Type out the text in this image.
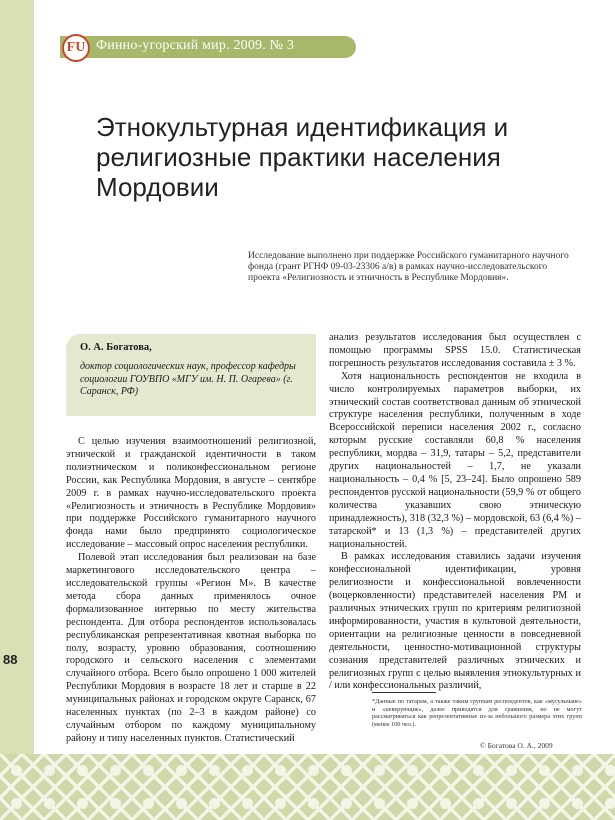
88
FU Финно-угорский мир. 2009. № 3
Этнокультурная идентификация и религиозные практики населения Мордовии
Исследование выполнено при поддержке Российского гуманитарного научного фонда (грант РГНФ 09-03-23306 а/в) в рамках научно-исследовательского проекта «Религиозность и этничность в Республике Мордовия».
О. А. Богатова,
доктор социологических наук, профессор кафедры социологии ГОУВПО «МГУ им. Н. П. Огарева» (г. Саранск, РФ)

С целью изучения взаимоотношений религиозной, этнической и гражданской идентичности в таком полиэтническом и поликонфессиональном регионе России, как Республика Мордовия, в августе – сентябре 2009 г. в рамках научно-исследовательского проекта «Религиозность и этничность в Республике Мордовия» при поддержке Российского гуманитарного научного фонда нами было предпринято социологическое исследование – массовый опрос населения республики.

Полевой этап исследования был реализован на базе маркетингового исследовательского центра – исследовательской группы «Регион М». В качестве метода сбора данных применялось очное формализованное интервью по месту жительства респондента. Для отбора респондентов использовалась республиканская репрезентативная квотная выборка по полу, возрасту, уровню образования, соотношению городского и сельского населения с элементами случайного отбора. Всего было опрошено 1 000 жителей Республики Мордовия в возрасте 18 лет и старше в 22 муниципальных районах и городском округе Саранск, 67 населенных пунктах (по 2–3 в каждом районе) со случайным отбором по каждому муниципальному району и типу населенных пунктов. Статистический

анализ результатов исследования был осуществлен с помощью программы SPSS 15.0. Статистическая погрешность результатов исследования составила ± 3 %.

Хотя национальность респондентов не входила в число контролируемых параметров выборки, их этнический состав соответствовал данным об этнической структуре населения республики, полученным в ходе Всероссийской переписи населения 2002 г., согласно которым русские составляли 60,8 % населения республики, мордва – 31,9, татары – 5,2, представители других национальностей – 1,7, не указали национальность – 0,4 % [5, 23–24]. Было опрошено 589 респондентов русской национальности (59,9 % от общего количества указавших свою этническую принадлежность), 318 (32,3 %) – мордовской, 63 (6,4 %) – татарской* и 13 (1,3 %) – представителей других национальностей.

В рамках исследования ставились задачи изучения конфессиональной идентификации, уровня религиозности и конфессиональной вовлеченности (воцерковленности) представителей населения РМ и различных этнических групп по критериям религиозной информированности, участия в культовой деятельности, ориентации на религиозные ценности в повседневной деятельности, ценностно-мотивационной структуры сознания представителей различных этнических и религиозных групп с целью выявления этнокультурных и / или конфессиональных различий,

*Данные по татарам, а также таким группам респондентов, как «мусульмане» и «неверующие», далее приводятся для сравнения, но не могут рассматриваться как репрезентативные из-за небольшого размера этих групп (менее 100 чел.).
© Богатова О. А., 2009
